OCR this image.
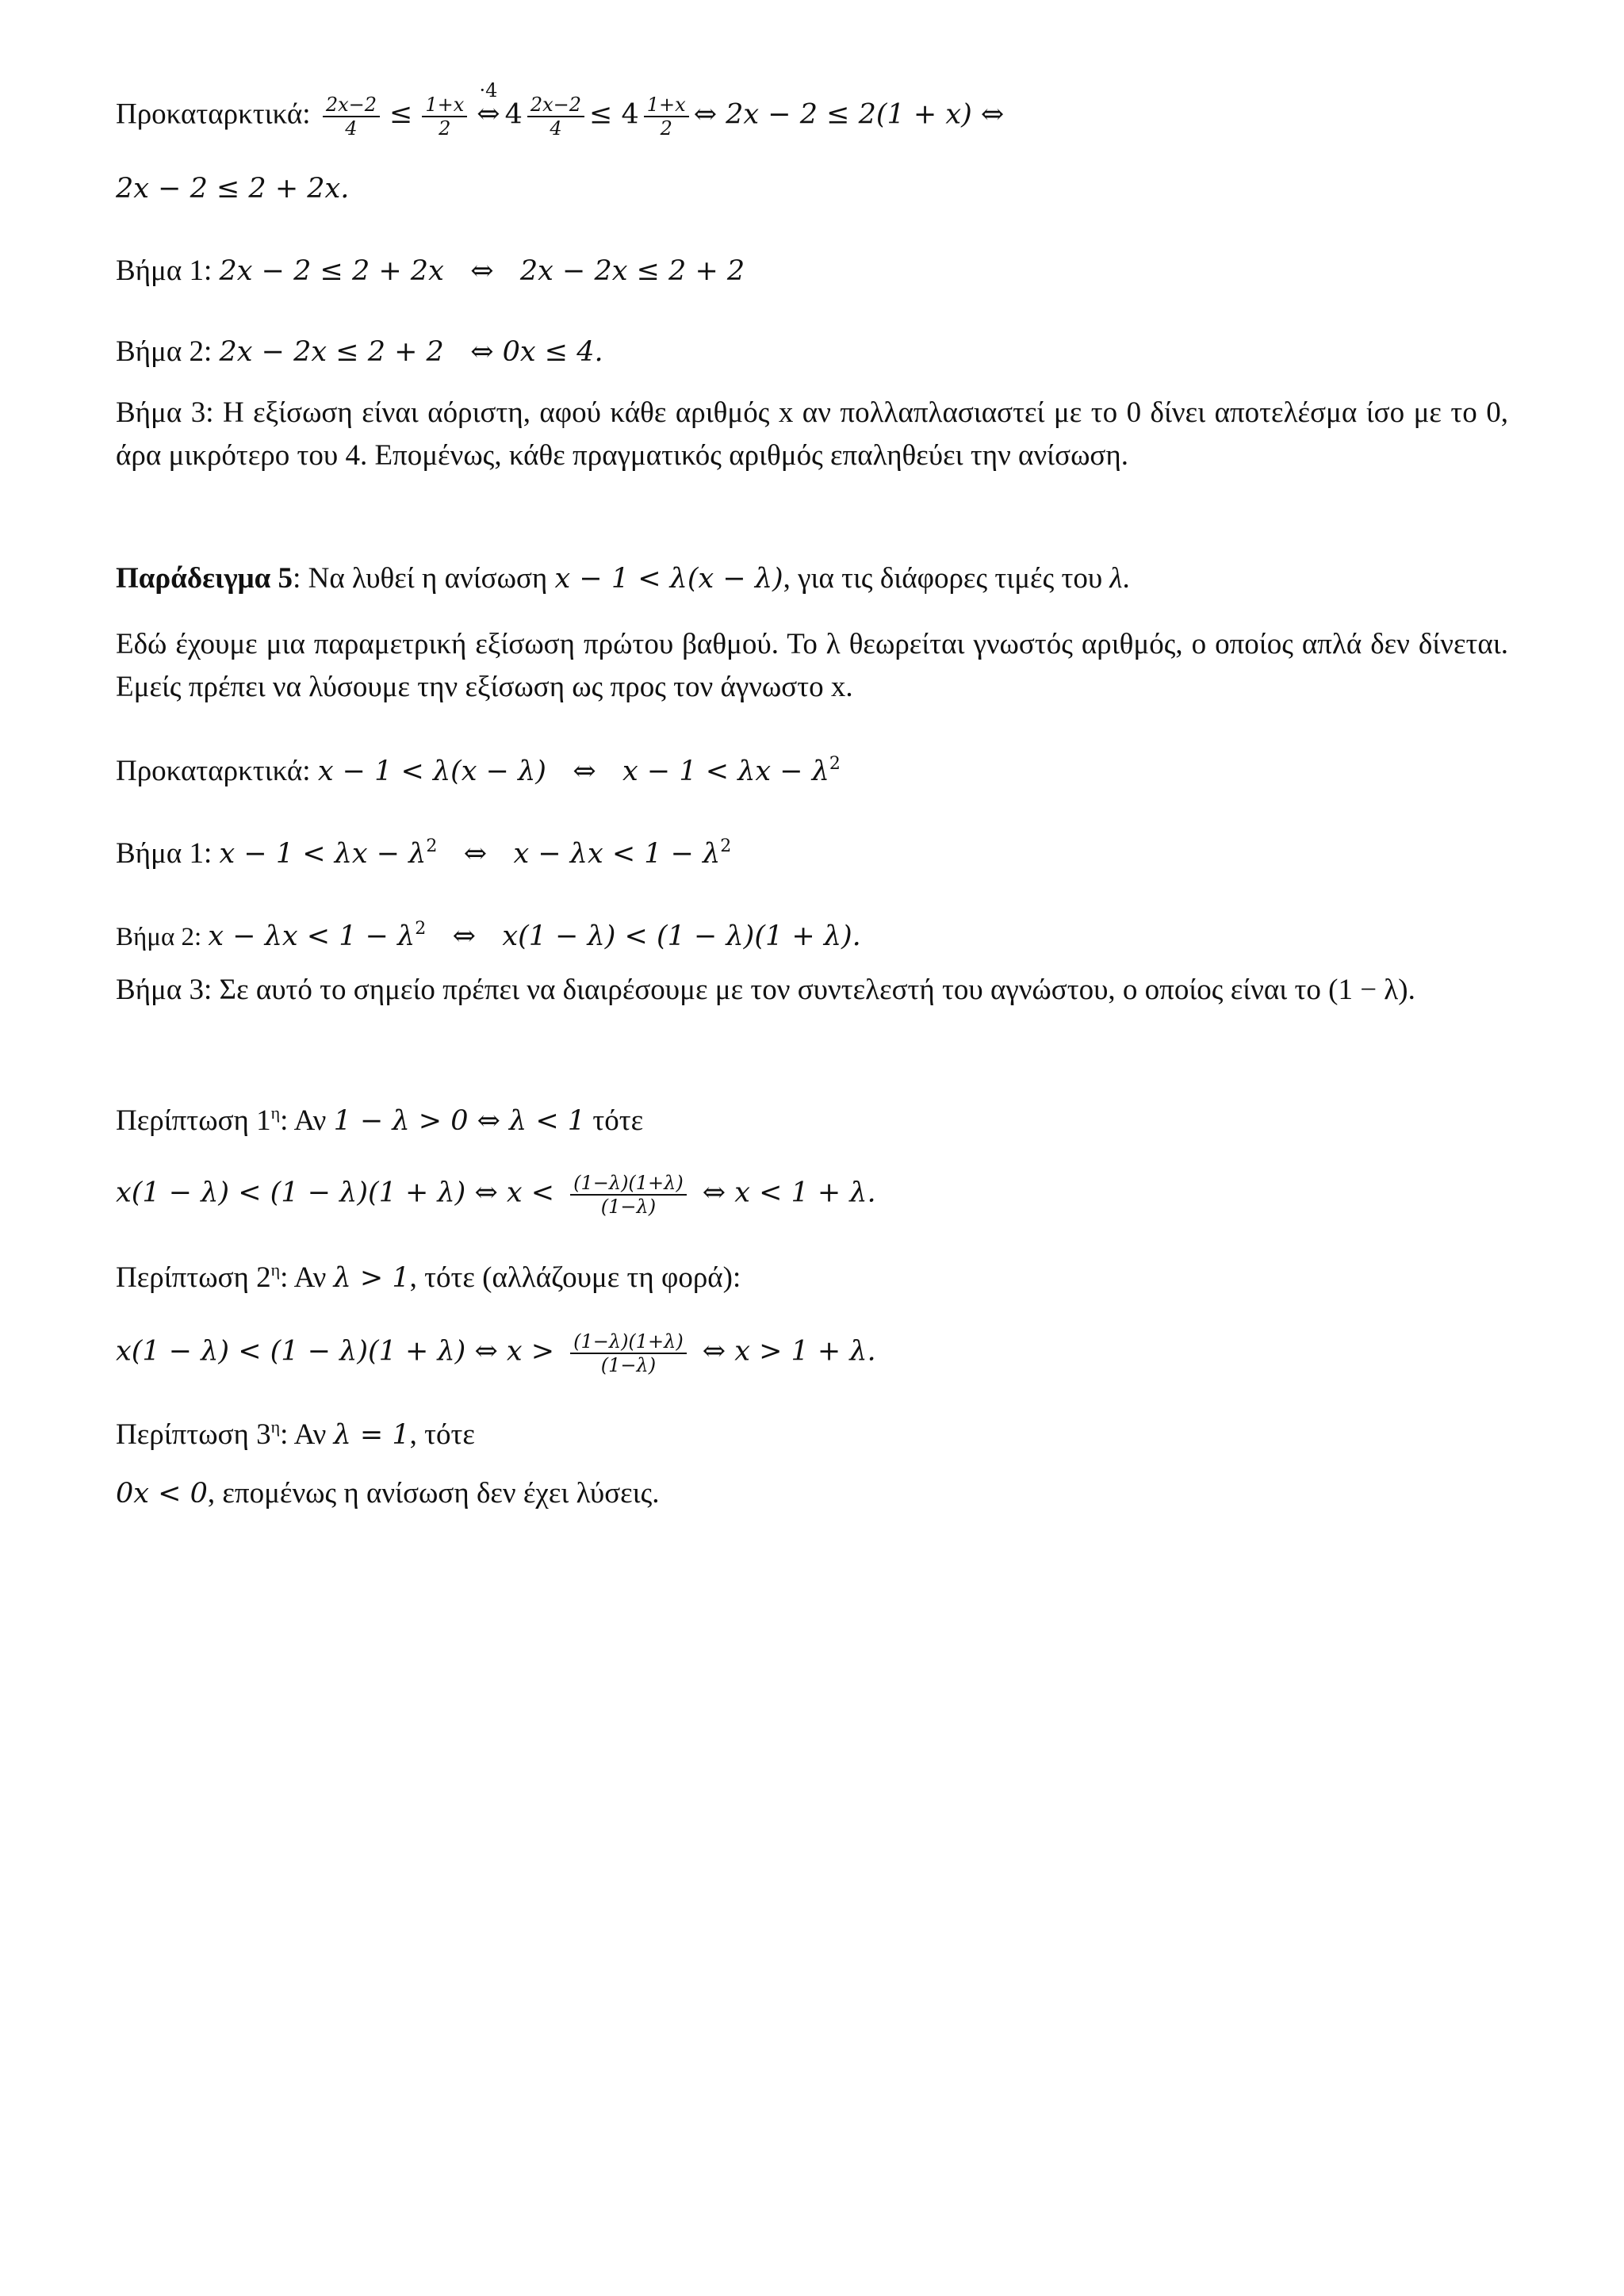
Προκαταρκτικά: $\frac{2x-2}{4} \le \frac{1+x}{2}$
·4
⇔ $4 \frac{2x-2}{4} \le 4 \frac{1+x}{2}$ ⇔ 2x − 2 ≤ 2(1 + x) ⇔
2x − 2 ≤ 2 + 2x.
Βήμα 1: 2x − 2 ≤ 2 + 2x   ⇔   2x − 2x ≤ 2 + 2
Βήμα 2: 2x − 2x ≤ 2 + 2   ⇔ 0x ≤ 4.
Βήμα 3: Η εξίσωση είναι αόριστη, αφού κάθε αριθμός x αν πολλαπλασιαστεί με το 0 δίνει αποτελέσμα ίσο με το 0, άρα μικρότερο του 4. Επομένως, κάθε πραγματικός αριθμός επαληθεύει την ανίσωση.
Παράδειγμα 5: Να λυθεί η ανίσωση x − 1 < λ(x − λ), για τις διάφορες τιμές του λ.
Εδώ έχουμε μια παραμετρική εξίσωση πρώτου βαθμού. Το λ θεωρείται γνωστός αριθμός, ο οποίος απλά δεν δίνεται. Εμείς πρέπει να λύσουμε την εξίσωση ως προς τον άγνωστο x.
Προκαταρκτικά: x − 1 < λ(x − λ)   ⇔   $x - 1 < \lambda x - \lambda^2$
Βήμα 1: $x - 1 < \lambda x - \lambda^2$   ⇔   $x - \lambda x < 1 - \lambda^2$
Βήμα 2: $x - \lambda x < 1 - \lambda^2$   ⇔   x(1 − λ) < (1 − λ)(1 + λ).
Βήμα 3: Σε αυτό το σημείο πρέπει να διαιρέσουμε με τον συντελεστή του αγνώστου, ο οποίος είναι το (1 − λ).
Περίπτωση $1^\eta$: Αν 1 − λ > 0 ⇔ λ < 1 τότε
x(1 − λ) < (1 − λ)(1 + λ) ⇔ $x < \frac{(1-\lambda)(1+\lambda)}{(1-\lambda)}$ ⇔ x < 1 + λ.
Περίπτωση $2^\eta$: Αν λ > 1, τότε (αλλάζουμε τη φορά):
x(1 − λ) < (1 − λ)(1 + λ) ⇔ $x > \frac{(1-\lambda)(1+\lambda)}{(1-\lambda)}$ ⇔ x > 1 + λ.
Περίπτωση $3^\eta$: Αν λ = 1, τότε
0x < 0, επομένως η ανίσωση δεν έχει λύσεις.
